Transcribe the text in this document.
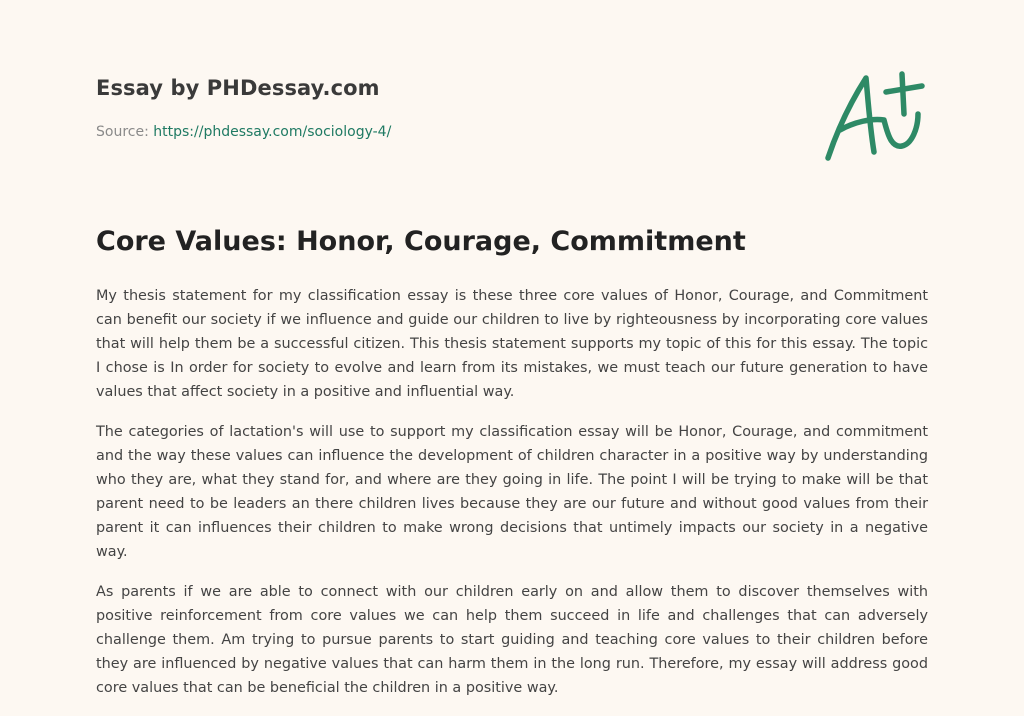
Essay by PHDessay.com
Source: https://phdessay.com/sociology-4/
Core Values: Honor, Courage, Commitment

My thesis statement for my classification essay is these three core values of Honor, Courage, and Commitment can benefit our society if we influence and guide our children to live by righteousness by incorporating core values that will help them be a successful citizen. This thesis statement supports my topic of this for this essay. The topic I chose is In order for society to evolve and learn from its mistakes, we must teach our future generation to have values that affect society in a positive and influential way.

The categories of lactation's will use to support my classification essay will be Honor, Courage, and commitment and the way these values can influence the development of children character in a positive way by understanding who they are, what they stand for, and where are they going in life. The point I will be trying to make will be that parent need to be leaders an there children lives because they are our future and without good values from their parent it can influences their children to make wrong decisions that untimely impacts our society in a negative way.

As parents if we are able to connect with our children early on and allow them to discover themselves with positive reinforcement from core values we can help them succeed in life and challenges that can adversely challenge them. Am trying to pursue parents to start guiding and teaching core values to their children before they are influenced by negative values that can harm them in the long run. Therefore, my essay will address good core values that can be beneficial the children in a positive way.
